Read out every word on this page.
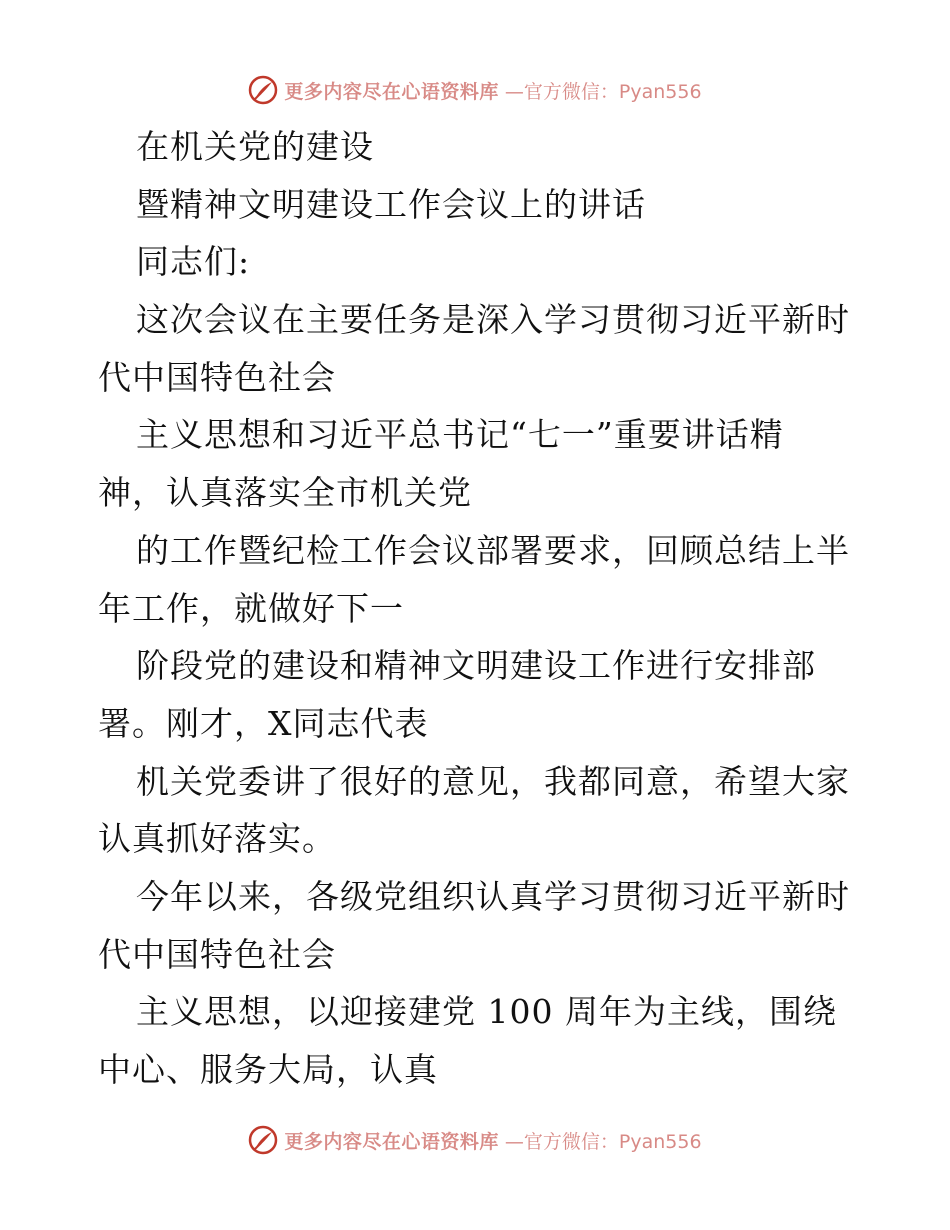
更多内容尽在心语资料库 —官方微信：Pyan556
在机关党的建设
暨精神文明建设工作会议上的讲话
同志们:
这次会议在主要任务是深入学习贯彻习近平新时
代中国特色社会
主义思想和习近平总书记“七一”重要讲话精
神，认真落实全市机关党
的工作暨纪检工作会议部署要求，回顾总结上半
年工作，就做好下一
阶段党的建设和精神文明建设工作进行安排部
署。刚才，X同志代表
机关党委讲了很好的意见，我都同意，希望大家
认真抓好落实。
今年以来，各级党组织认真学习贯彻习近平新时
代中国特色社会
主义思想，以迎接建党 100 周年为主线，围绕
中心、服务大局，认真
更多内容尽在心语资料库 —官方微信：Pyan556
